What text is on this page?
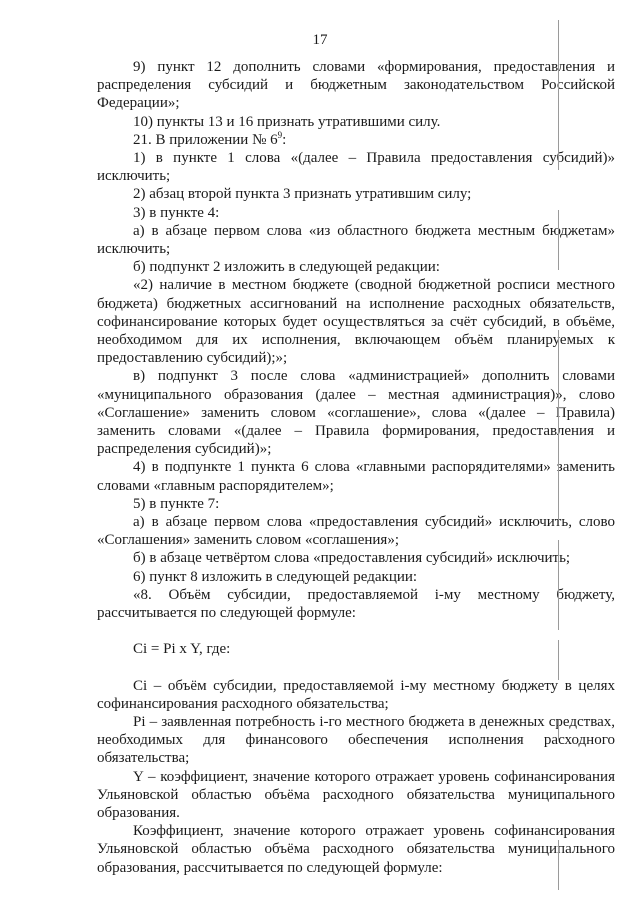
17

9) пункт 12 дополнить словами «формирования, предоставления и распределения субсидий и бюджетным законодательством Российской Федерации»;

10) пункты 13 и 16 признать утратившими силу.

21. В приложении № $6^9$:

1) в пункте 1 слова «(далее – Правила предоставления субсидий)» исключить;

2) абзац второй пункта 3 признать утратившим силу;

3) в пункте 4:

а) в абзаце первом слова «из областного бюджета местным бюджетам» исключить;

б) подпункт 2 изложить в следующей редакции:

«2) наличие в местном бюджете (сводной бюджетной росписи местного бюджета) бюджетных ассигнований на исполнение расходных обязательств, софинансирование которых будет осуществляться за счёт субсидий, в объёме, необходимом для их исполнения, включающем объём планируемых к предоставлению субсидий);»;

в) подпункт 3 после слова «администрацией» дополнить словами «муниципального образования (далее – местная администрация)», слово «Соглашение» заменить словом «соглашение», слова «(далее – Правила) заменить словами «(далее – Правила формирования, предоставления и распределения субсидий)»;

4) в подпункте 1 пункта 6 слова «главными распорядителями» заменить словами «главным распорядителем»;

5) в пункте 7:

а) в абзаце первом слова «предоставления субсидий» исключить, слово «Соглашения» заменить словом «соглашения»;

б) в абзаце четвёртом слова «предоставления субсидий» исключить;

6) пункт 8 изложить в следующей редакции:

«8. Объём субсидии, предоставляемой i-му местному бюджету, рассчитывается по следующей формуле:

Ci = Pi x Y, где:

Ci – объём субсидии, предоставляемой i-му местному бюджету в целях софинансирования расходного обязательства;

Pi – заявленная потребность i-го местного бюджета в денежных средствах, необходимых для финансового обеспечения исполнения расходного обязательства;

Y – коэффициент, значение которого отражает уровень софинансирования Ульяновской областью объёма расходного обязательства муниципального образования.

Коэффициент, значение которого отражает уровень софинансирования Ульяновской областью объёма расходного обязательства муниципального образования, рассчитывается по следующей формуле:
